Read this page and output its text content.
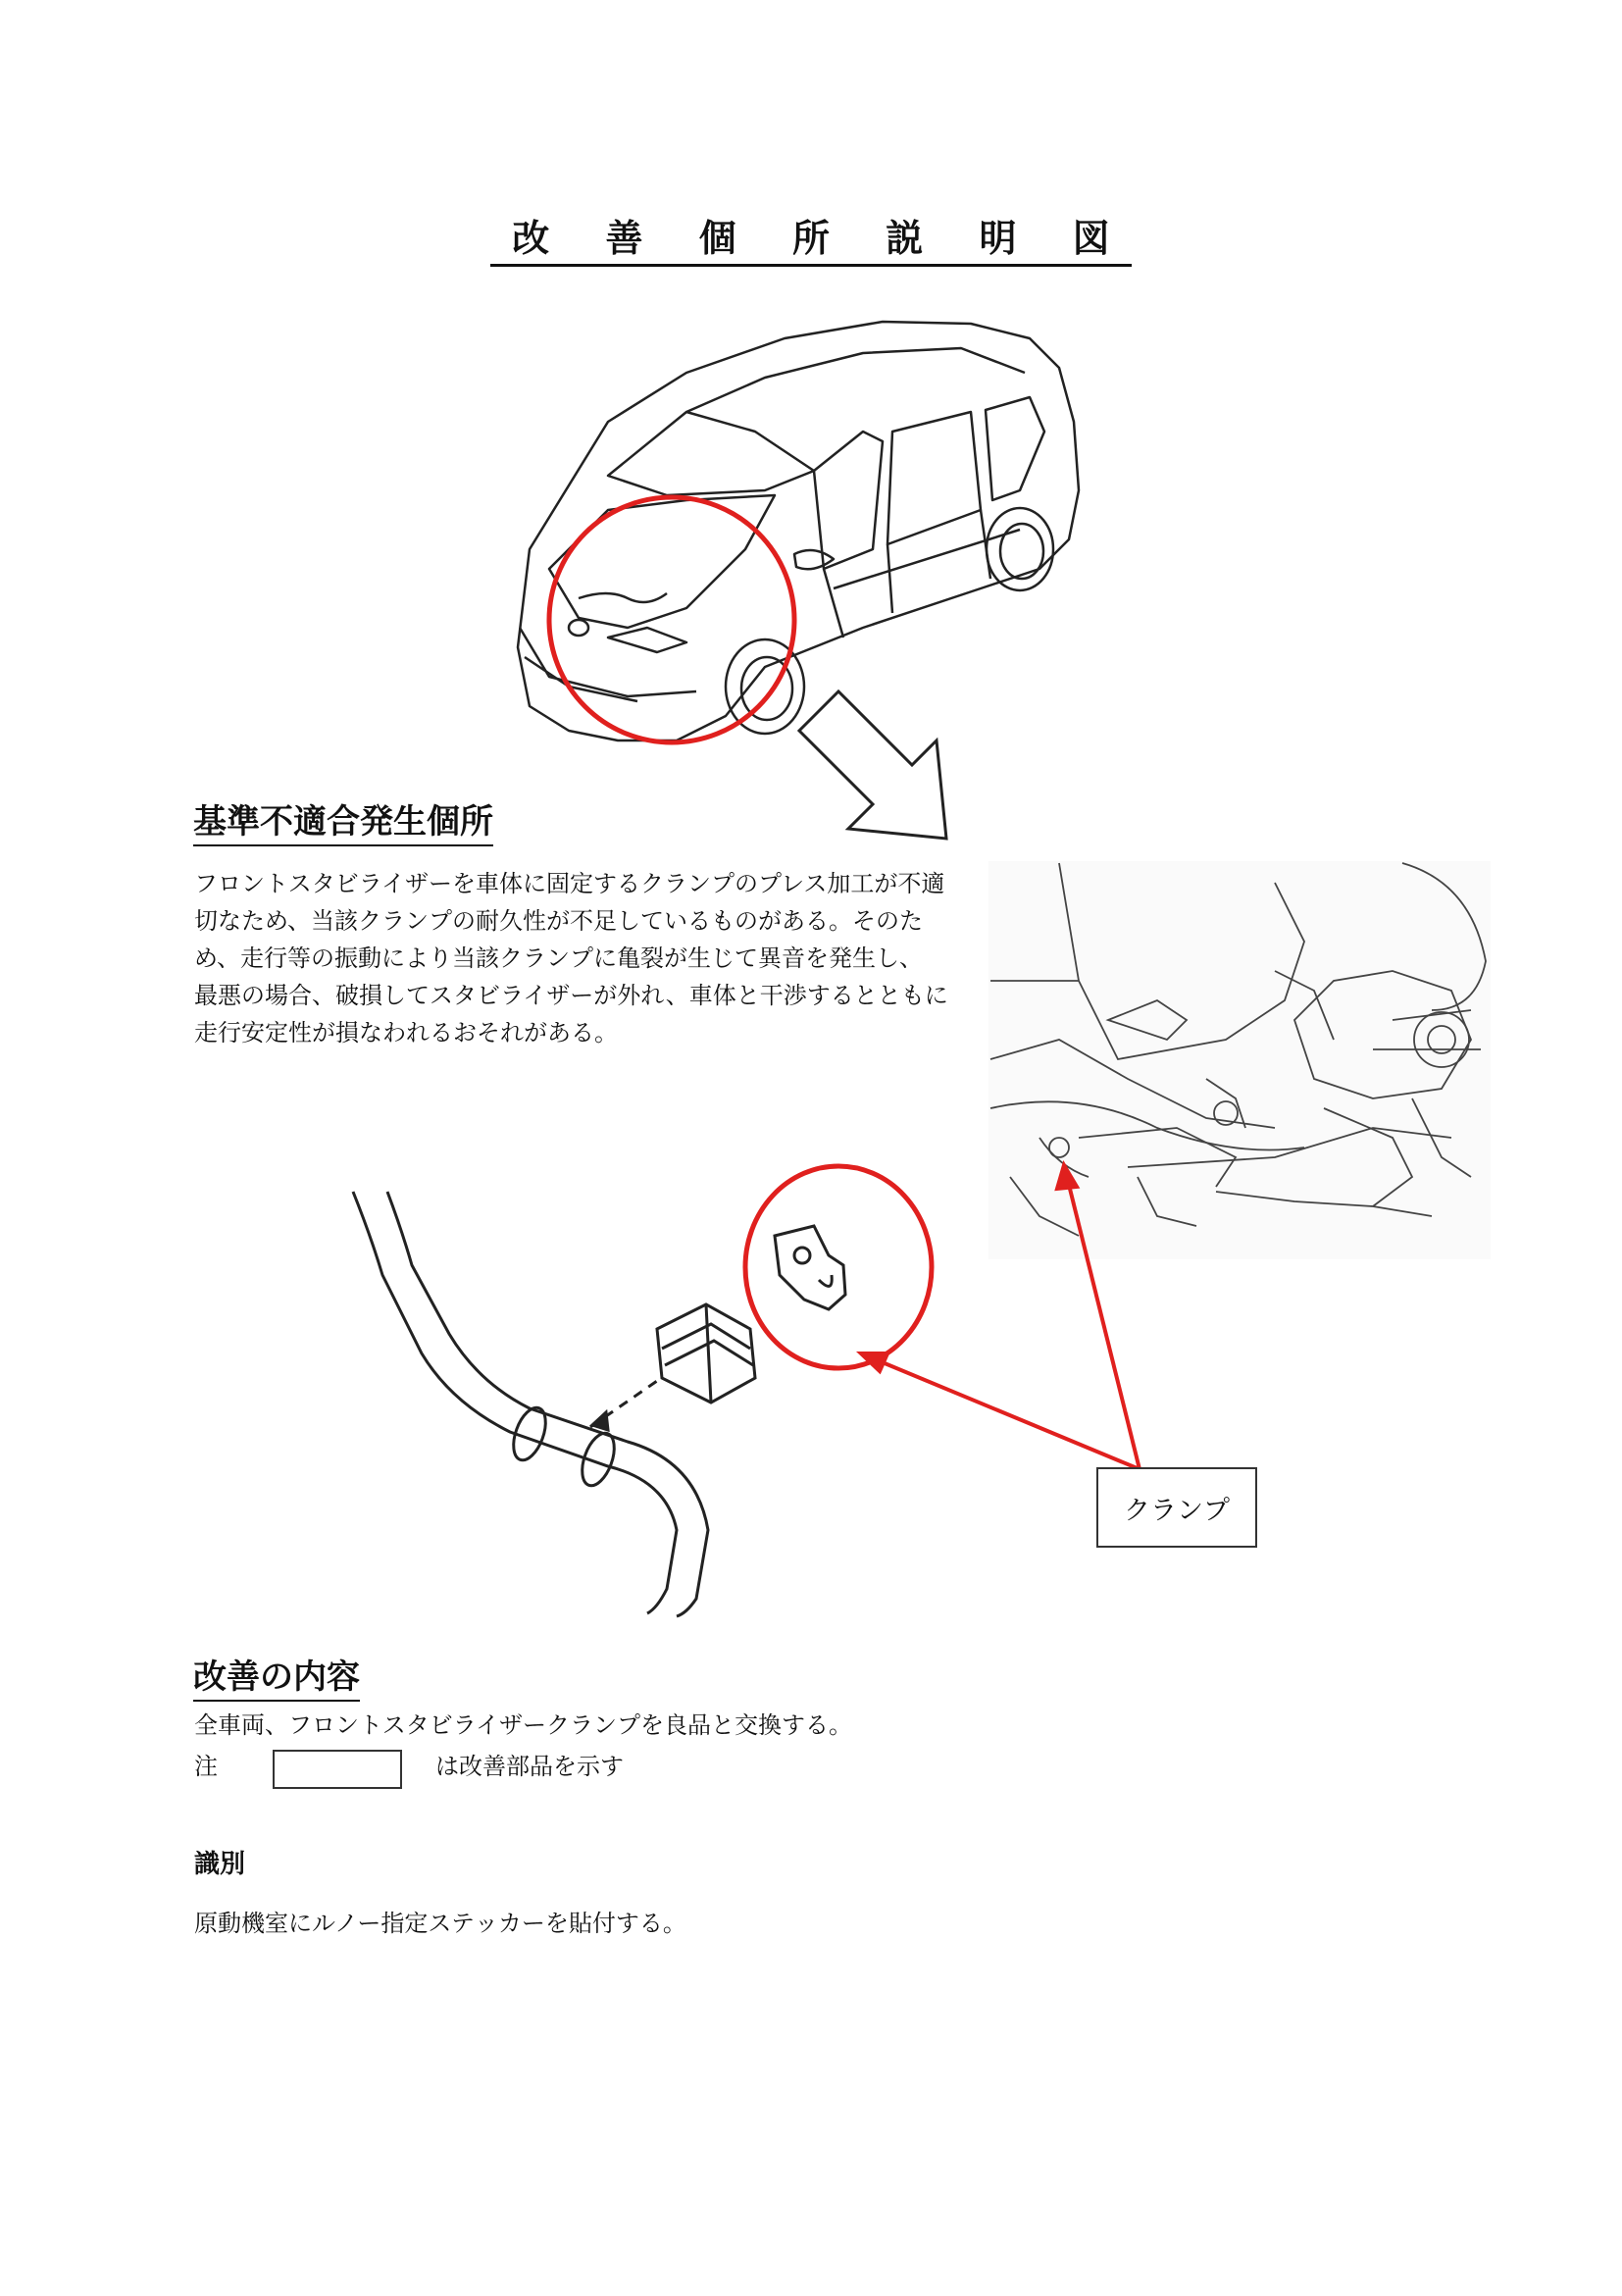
改 善 個 所 説 明 図
基準不適合発生個所
フロントスタビライザーを車体に固定するクランプのプレス加工が不適
切なため、当該クランプの耐久性が不足しているものがある。そのた
め、走行等の振動により当該クランプに亀裂が生じて異音を発生し、
最悪の場合、破損してスタビライザーが外れ、車体と干渉するとともに
走行安定性が損なわれるおそれがある。
クランプ
改善の内容
全車両、フロントスタビライザークランプを良品と交換する。
注	は改善部品を示す
識別
原動機室にルノー指定ステッカーを貼付する。
